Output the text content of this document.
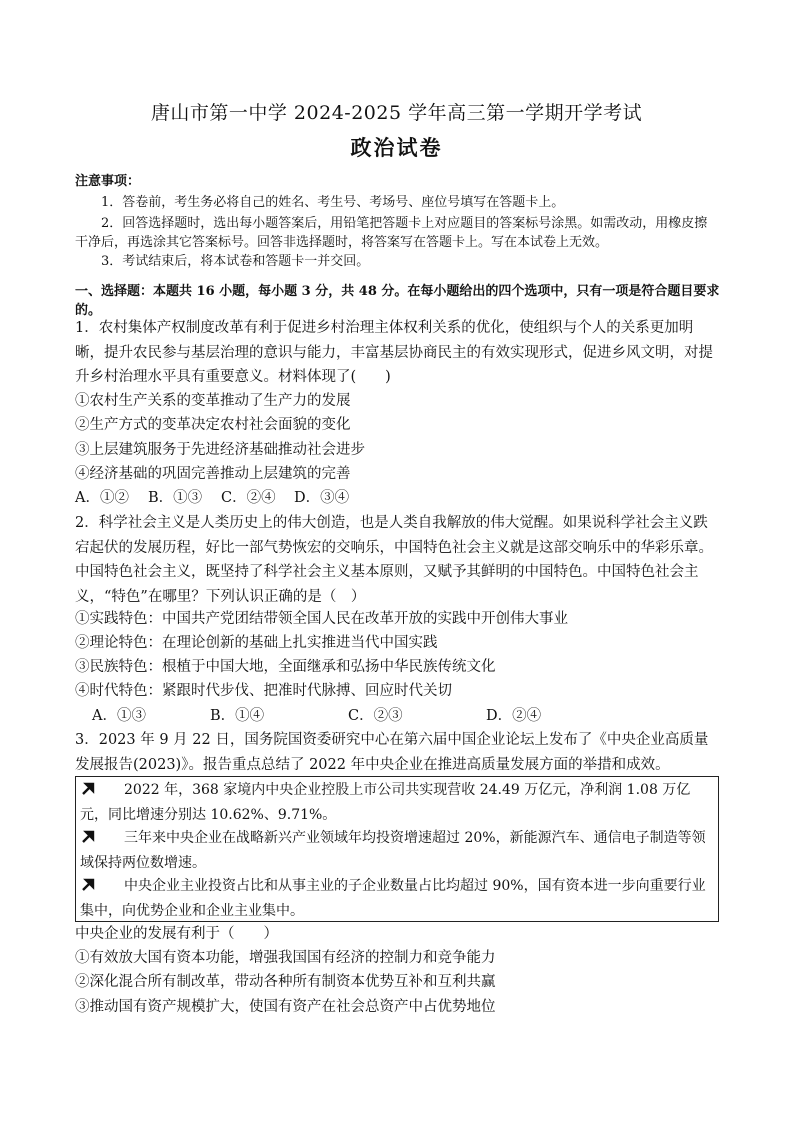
唐山市第一中学 2024-2025 学年高三第一学期开学考试
政治试卷
注意事项：
1．答卷前，考生务必将自己的姓名、考生号、考场号、座位号填写在答题卡上。
2．回答选择题时，选出每小题答案后，用铅笔把答题卡上对应题目的答案标号涂黑。如需改动，用橡皮擦干净后，再选涂其它答案标号。回答非选择题时，将答案写在答题卡上。写在本试卷上无效。
3．考试结束后，将本试卷和答题卡一并交回。
一、选择题：本题共 16 小题，每小题 3 分，共 48 分。在每小题给出的四个选项中，只有一项是符合题目要求的。
1．农村集体产权制度改革有利于促进乡村治理主体权利关系的优化，使组织与个人的关系更加明晰，提升农民参与基层治理的意识与能力，丰富基层协商民主的有效实现形式，促进乡风文明，对提升乡村治理水平具有重要意义。材料体现了(　　)
①农村生产关系的变革推动了生产力的发展
②生产方式的变革决定农村社会面貌的变化
③上层建筑服务于先进经济基础推动社会进步
④经济基础的巩固完善推动上层建筑的完善
A．①② B．①③ C．②④ D．③④
2．科学社会主义是人类历史上的伟大创造，也是人类自我解放的伟大觉醒。如果说科学社会主义跌宕起伏的发展历程，好比一部气势恢宏的交响乐，中国特色社会主义就是这部交响乐中的华彩乐章。中国特色社会主义，既坚持了科学社会主义基本原则，又赋予其鲜明的中国特色。中国特色社会主义，“特色”在哪里？下列认识正确的是（　）
①实践特色：中国共产党团结带领全国人民在改革开放的实践中开创伟大事业
②理论特色：在理论创新的基础上扎实推进当代中国实践
③民族特色：根植于中国大地，全面继承和弘扬中华民族传统文化
④时代特色：紧跟时代步伐、把准时代脉搏、回应时代关切
A．①③	B．①④	C．②③	D．②④
3．2023 年 9 月 22 日，国务院国资委研究中心在第六届中国企业论坛上发布了《中央企业高质量发展报告(2023)》。报告重点总结了 2022 年中央企业在推进高质量发展方面的举措和成效。
2022 年，368 家境内中央企业控股上市公司共实现营收 24.49 万亿元，净利润 1.08 万亿元，同比增速分别达 10.62%、9.71%。
三年来中央企业在战略新兴产业领域年均投资增速超过 20%，新能源汽车、通信电子制造等领域保持两位数增速。
中央企业主业投资占比和从事主业的子企业数量占比均超过 90%，国有资本进一步向重要行业集中，向优势企业和企业主业集中。
中央企业的发展有利于（　　）
①有效放大国有资本功能，增强我国国有经济的控制力和竞争能力
②深化混合所有制改革，带动各种所有制资本优势互补和互利共赢
③推动国有资产规模扩大，使国有资产在社会总资产中占优势地位
